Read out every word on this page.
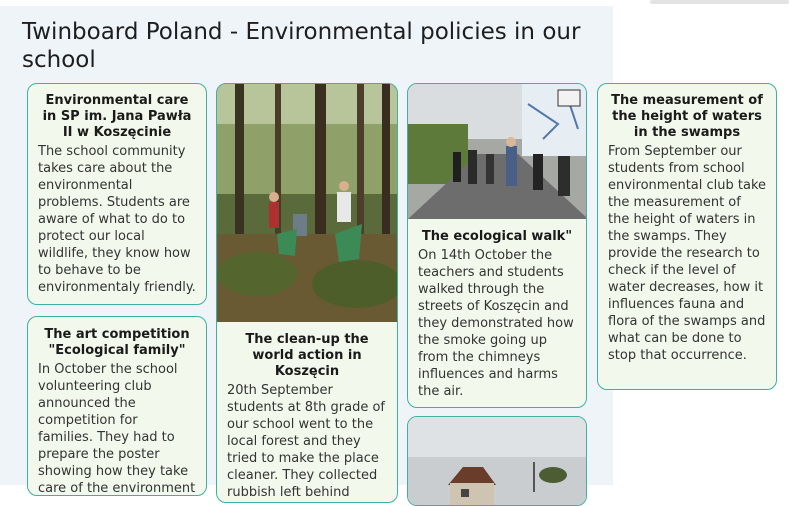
Twinboard Poland - Environmental policies in our school
Environmental care in SP im. Jana Pawła II w Koszęcinie
The school community takes care about the environmental problems. Students are aware of what to do to protect our local wildlife, they know how to behave to be environmentaly friendly.
The art competition "Ecological family"
In October the school volunteering club announced the competition for families. They had to prepare the poster showing how they take care of the environment
The clean-up the world action in Koszęcin
20th September students at 8th grade of our school went to the local forest and they tried to make the place cleaner. They collected rubbish left behind
The ecological walk"
On 14th October the teachers and students walked through the streets of Koszęcin and they demonstrated how the smoke going up from the chimneys influences and harms the air.
The measurement of the height of waters in the swamps
From September our students from school environmental club take the measurement of the height of waters in the swamps. They provide the research to check if the level of water decreases, how it influences fauna and flora of the swamps and what can be done to stop that occurrence.
